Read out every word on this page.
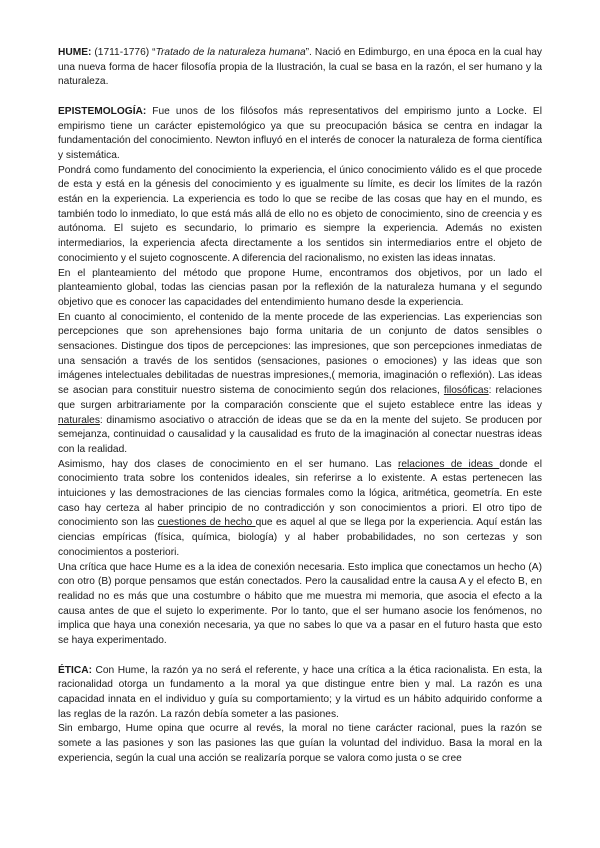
HUME: (1711-1776) “Tratado de la naturaleza humana”. Nació en Edimburgo, en una época en la cual hay una nueva forma de hacer filosofía propia de la Ilustración, la cual se basa en la razón, el ser humano y la naturaleza.

EPISTEMOLOGÍA: Fue unos de los filósofos más representativos del empirismo junto a Locke. El empirismo tiene un carácter epistemológico ya que su preocupación básica se centra en indagar la fundamentación del conocimiento. Newton influyó en el interés de conocer la naturaleza de forma científica y sistemática.

Pondrá como fundamento del conocimiento la experiencia, el único conocimiento válido es el que procede de esta y está en la génesis del conocimiento y es igualmente su límite, es decir los límites de la razón están en la experiencia. La experiencia es todo lo que se recibe de las cosas que hay en el mundo, es también todo lo inmediato, lo que está más allá de ello no es objeto de conocimiento, sino de creencia y es autónoma. El sujeto es secundario, lo primario es siempre la experiencia. Además no existen intermediarios, la experiencia afecta directamente a los sentidos sin intermediarios entre el objeto de conocimiento y el sujeto cognoscente. A diferencia del racionalismo, no existen las ideas innatas.

En el planteamiento del método que propone Hume, encontramos dos objetivos, por un lado el planteamiento global, todas las ciencias pasan por la reflexión de la naturaleza humana y el segundo objetivo que es conocer las capacidades del entendimiento humano desde la experiencia.

En cuanto al conocimiento, el contenido de la mente procede de las experiencias. Las experiencias son percepciones que son aprehensiones bajo forma unitaria de un conjunto de datos sensibles o sensaciones. Distingue dos tipos de percepciones: las impresiones, que son percepciones inmediatas de una sensación a través de los sentidos (sensaciones, pasiones o emociones) y las ideas que son imágenes intelectuales debilitadas de nuestras impresiones,( memoria, imaginación o reflexión). Las ideas se asocian para constituir nuestro sistema de conocimiento según dos relaciones, filosóficas: relaciones que surgen arbitrariamente por la comparación consciente que el sujeto establece entre las ideas y naturales: dinamismo asociativo o atracción de ideas que se da en la mente del sujeto. Se producen por semejanza, continuidad o causalidad y la causalidad es fruto de la imaginación al conectar nuestras ideas con la realidad.

Asimismo, hay dos clases de conocimiento en el ser humano. Las relaciones de ideas donde el conocimiento trata sobre los contenidos ideales, sin referirse a lo existente. A estas pertenecen las intuiciones y las demostraciones de las ciencias formales como la lógica, aritmética, geometría. En este caso hay certeza al haber principio de no contradicción y son conocimientos a priori. El otro tipo de conocimiento son las cuestiones de hecho que es aquel al que se llega por la experiencia. Aquí están las ciencias empíricas (física, química, biología) y al haber probabilidades, no son certezas y son conocimientos a posteriori.

Una crítica que hace Hume es a la idea de conexión necesaria. Esto implica que conectamos un hecho (A) con otro (B) porque pensamos que están conectados. Pero la causalidad entre la causa A y el efecto B, en realidad no es más que una costumbre o hábito que me muestra mi memoria, que asocia el efecto a la causa antes de que el sujeto lo experimente. Por lo tanto, que el ser humano asocie los fenómenos, no implica que haya una conexión necesaria, ya que no sabes lo que va a pasar en el futuro hasta que esto se haya experimentado.

ÉTICA: Con Hume, la razón ya no será el referente, y hace una crítica a la ética racionalista. En esta, la racionalidad otorga un fundamento a la moral ya que distingue entre bien y mal. La razón es una capacidad innata en el individuo y guía su comportamiento; y la virtud es un hábito adquirido conforme a las reglas de la razón. La razón debía someter a las pasiones.

Sin embargo, Hume opina que ocurre al revés, la moral no tiene carácter racional, pues la razón se somete a las pasiones y son las pasiones las que guían la voluntad del individuo. Basa la moral en la experiencia, según la cual una acción se realizaría porque se valora como justa o se cree
